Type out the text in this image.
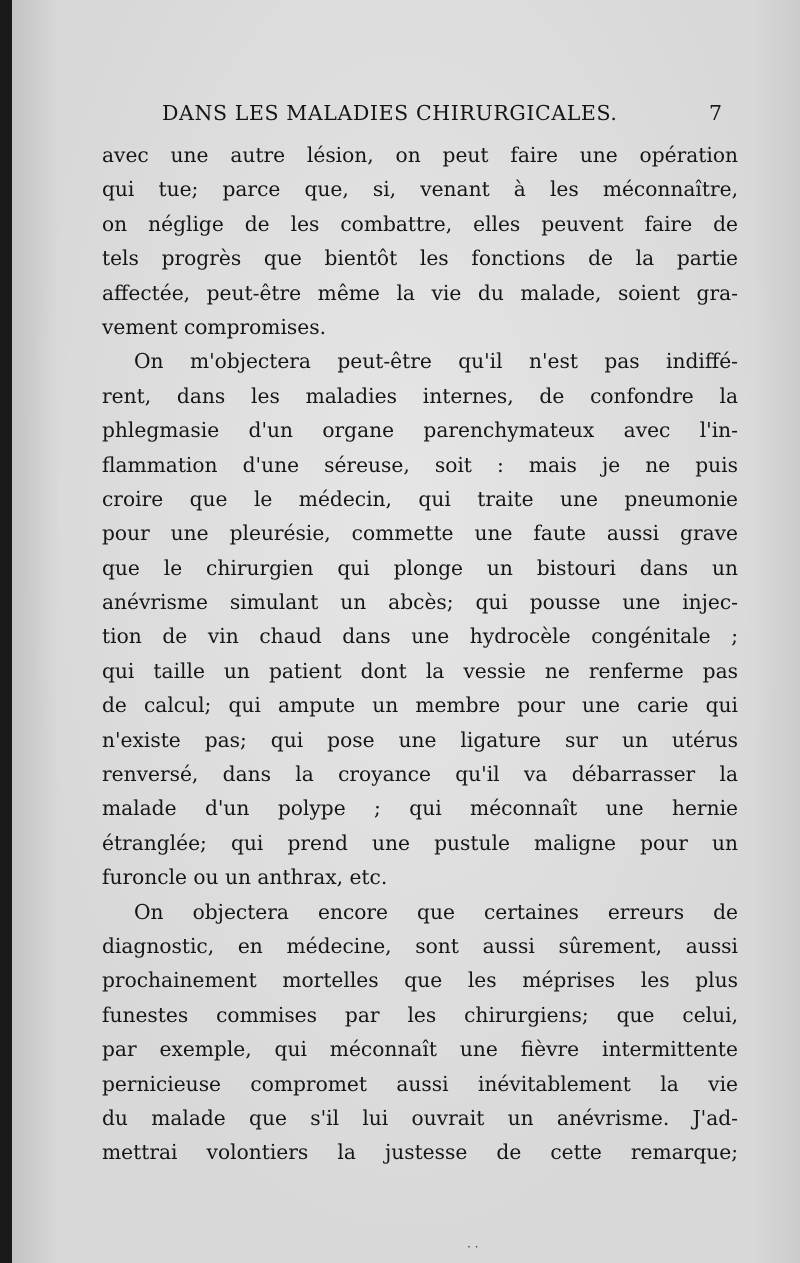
DANS LES MALADIES CHIRURGICALES.	7
avec une autre lésion, on peut faire une opération
qui tue; parce que, si, venant à les méconnaître,
on néglige de les combattre, elles peuvent faire de
tels progrès que bientôt les fonctions de la partie
affectée, peut-être même la vie du malade, soient gra-
vement compromises.
On m'objectera peut-être qu'il n'est pas indiffé-
rent, dans les maladies internes, de confondre la
phlegmasie d'un organe parenchymateux avec l'in-
flammation d'une séreuse, soit : mais je ne puis
croire que le médecin, qui traite une pneumonie
pour une pleurésie, commette une faute aussi grave
que le chirurgien qui plonge un bistouri dans un
anévrisme simulant un abcès; qui pousse une injec-
tion de vin chaud dans une hydrocèle congénitale ;
qui taille un patient dont la vessie ne renferme pas
de calcul; qui ampute un membre pour une carie qui
n'existe pas; qui pose une ligature sur un utérus
renversé, dans la croyance qu'il va débarrasser la
malade d'un polype ; qui méconnaît une hernie
étranglée; qui prend une pustule maligne pour un
furoncle ou un anthrax, etc.
On objectera encore que certaines erreurs de
diagnostic, en médecine, sont aussi sûrement, aussi
prochainement mortelles que les méprises les plus
funestes commises par les chirurgiens; que celui,
par exemple, qui méconnaît une fièvre intermittente
pernicieuse compromet aussi inévitablement la vie
du malade que s'il lui ouvrait un anévrisme. J'ad-
mettrai volontiers la justesse de cette remarque;
· ·
